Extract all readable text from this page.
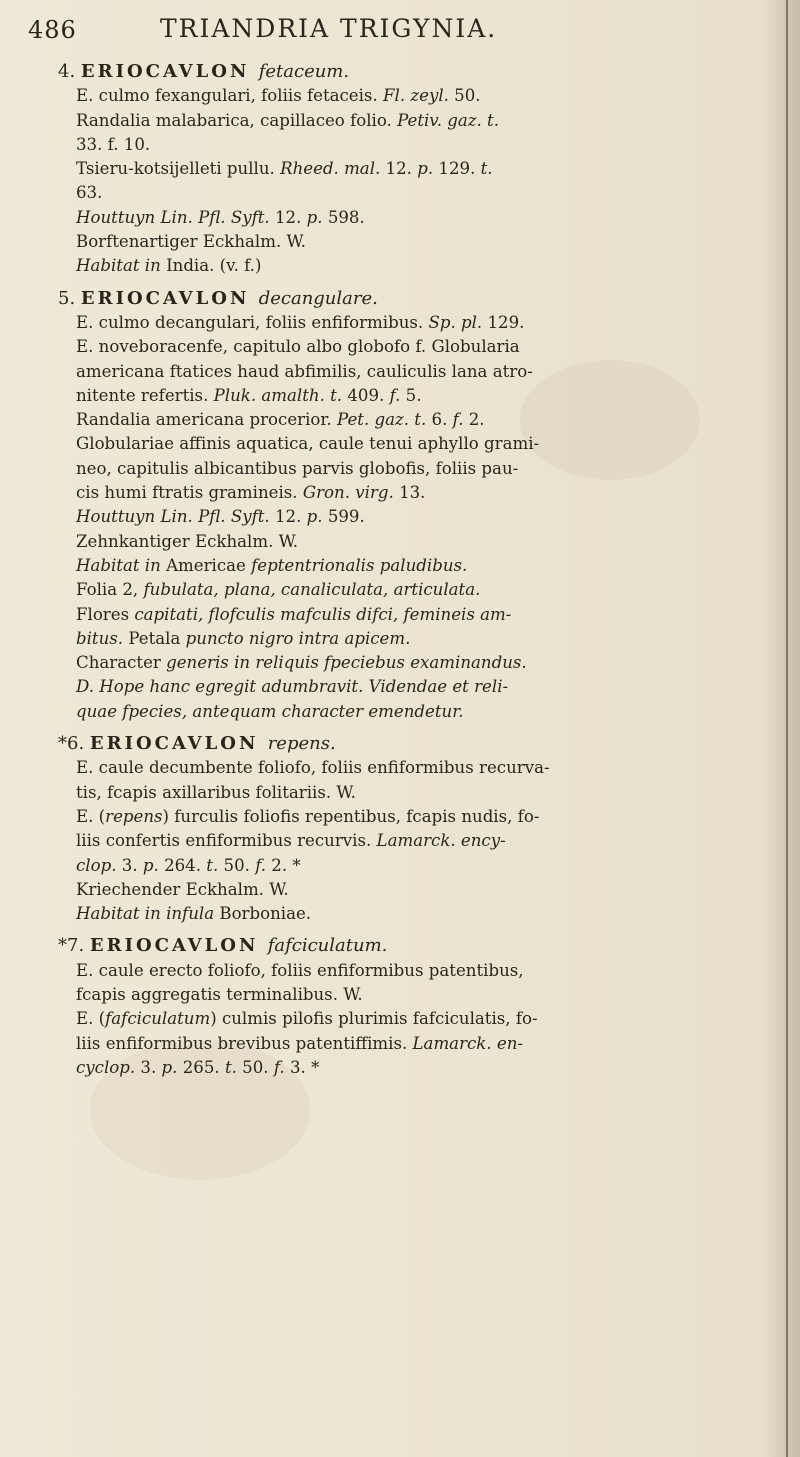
486	TRIANDRIA TRIGYNIA.
4. ERIOCAVLON fetaceum.
E. culmo fexangulari, foliis fetaceis. Fl. zeyl. 50.
Randalia malabarica, capillaceo folio. Petiv. gaz. t.
33. f. 10.
Tsieru-kotsijelleti pullu. Rheed. mal. 12. p. 129. t.
63.
Houttuyn Lin. Pfl. Syft. 12. p. 598.
Borftenartiger Eckhalm. W.
Habitat in India. (v. f.)
5. ERIOCAVLON decangulare.
E. culmo decangulari, foliis enfiformibus. Sp. pl. 129.
E. noveboracenfe, capitulo albo globofo f. Globularia
americana ftatices haud abfimilis, cauliculis lana atro-
nitente refertis. Pluk. amalth. t. 409. f. 5.
Randalia americana procerior. Pet. gaz. t. 6. f. 2.
Globulariae affinis aquatica, caule tenui aphyllo grami-
neo, capitulis albicantibus parvis globofis, foliis pau-
cis humi ftratis gramineis. Gron. virg. 13.
Houttuyn Lin. Pfl. Syft. 12. p. 599.
Zehnkantiger Eckhalm. W.
Habitat in Americae feptentrionalis paludibus.
Folia 2, fubulata, plana, canaliculata, articulata.
Flores capitati, flofculis mafculis difci, femineis am-
bitus. Petala puncto nigro intra apicem.
Character generis in reliquis fpeciebus examinandus.
D. Hope hanc egregit adumbravit. Videndae et reli-
quae fpecies, antequam character emendetur.
*6. ERIOCAVLON repens.
E. caule decumbente foliofo, foliis enfiformibus recurva-
tis, fcapis axillaribus folitariis. W.
E. (repens) furculis foliofis repentibus, fcapis nudis, fo-
liis confertis enfiformibus recurvis. Lamarck. ency-
clop. 3. p. 264. t. 50. f. 2. *
Kriechender Eckhalm. W.
Habitat in infula Borboniae.
*7. ERIOCAVLON fafciculatum.
E. caule erecto foliofo, foliis enfiformibus patentibus,
fcapis aggregatis terminalibus. W.
E. (fafciculatum) culmis pilofis plurimis fafciculatis, fo-
liis enfiformibus brevibus patentiffimis. Lamarck. en-
cyclop. 3. p. 265. t. 50. f. 3. *
